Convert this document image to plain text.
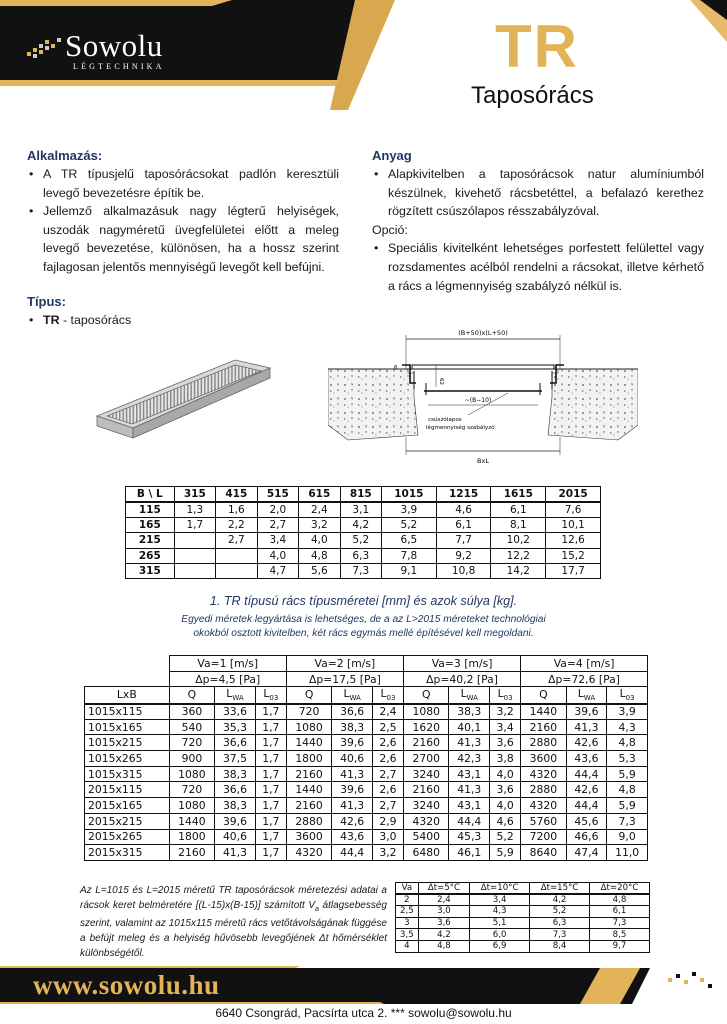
Sowolu
LÉGTECHNIKA	TR
Taposórács
Alkalmazás:
• A TR típusjelű taposórácsokat padlón keresztüli levegő bevezetésre építik be.
• Jellemző alkalmazásuk nagy légterű helyiségek, uszodák nagyméretű üvegfelületei előtt a meleg levegő bevezetése, különösen, ha a hossz szerint fajlagosan jelentős mennyiségű levegőt kell befújni.
Típus:
• TR - taposórács
Anyag
• Alapkivitelben a taposórácsok natur alumíniumból készülnek, kivehető rácsbetéttel, a befalazó kerethez rögzített csúszólapos résszabályzóval.
Opció:
• Speciális kivitelként lehetséges porfestett felülettel vagy rozsdamentes acélból rendelni a rácsokat, illetve kérhető a rács a légmennyiség szabályzó nélkül is.
(B+50)x(L+50)
~(B−10)
62
6
csúszólapos
légmennyiség szabályzó
BxL
B \ L	315	415	515	615	815	1015	1215	1615	2015
115	1,3	1,6	2,0	2,4	3,1	3,9	4,6	6,1	7,6
165	1,7	2,2	2,7	3,2	4,2	5,2	6,1	8,1	10,1
215		2,7	3,4	4,0	5,2	6,5	7,7	10,2	12,6
265			4,0	4,8	6,3	7,8	9,2	12,2	15,2
315			4,7	5,6	7,3	9,1	10,8	14,2	17,7
1. TR típusú rács típusméretei [mm] és azok súlya [kg].
Egyedi méretek legyártása is lehetséges, de a az L>2015 méreteket technológiai
okokból osztott kivitelben, két rács egymás mellé építésével kell megoldani.
	Va=1 [m/s]			Va=2 [m/s]			Va=3 [m/s]			Va=4 [m/s]		
	Δp=4,5 [Pa]			Δp=17,5 [Pa]			Δp=40,2 [Pa]			Δp=72,6 [Pa]		
LxB	Q	$L_{WA}$	$L_{03}$	Q	$L_{WA}$	$L_{03}$	Q	$L_{WA}$	$L_{03}$	Q	$L_{WA}$	$L_{03}$
1015x115	360	33,6	1,7	720	36,6	2,4	1080	38,3	3,2	1440	39,6	3,9
1015x165	540	35,3	1,7	1080	38,3	2,5	1620	40,1	3,4	2160	41,3	4,3
1015x215	720	36,6	1,7	1440	39,6	2,6	2160	41,3	3,6	2880	42,6	4,8
1015x265	900	37,5	1,7	1800	40,6	2,6	2700	42,3	3,8	3600	43,6	5,3
1015x315	1080	38,3	1,7	2160	41,3	2,7	3240	43,1	4,0	4320	44,4	5,9
2015x115	720	36,6	1,7	1440	39,6	2,6	2160	41,3	3,6	2880	42,6	4,8
2015x165	1080	38,3	1,7	2160	41,3	2,7	3240	43,1	4,0	4320	44,4	5,9
2015x215	1440	39,6	1,7	2880	42,6	2,9	4320	44,4	4,6	5760	45,6	7,3
2015x265	1800	40,6	1,7	3600	43,6	3,0	5400	45,3	5,2	7200	46,6	9,0
2015x315	2160	41,3	1,7	4320	44,4	3,2	6480	46,1	5,9	8640	47,4	11,0
Az L=1015 és L=2015 méretű TR taposórácsok méretezési adatai a rácsok keret belméretére [(L-15)x(B-15)] számított $V_a$ átlagsebesség szerint, valamint az 1015x115 méretű rács vetőtávolságának függése a befújt meleg és a helyiség hűvösebb levegőjének Δt hőmérséklet különbségétől.
Va	Δt=5°C	Δt=10°C	Δt=15°C	Δt=20°C
2	2,4	3,4	4,2	4,8
2,5	3,0	4,3	5,2	6,1
3	3,6	5,1	6,3	7,3
3,5	4,2	6,0	7,3	8,5
4	4,8	6,9	8,4	9,7
www.sowolu.hu
6640 Csongrád, Pacsírta utca 2. *** sowolu@sowolu.hu
